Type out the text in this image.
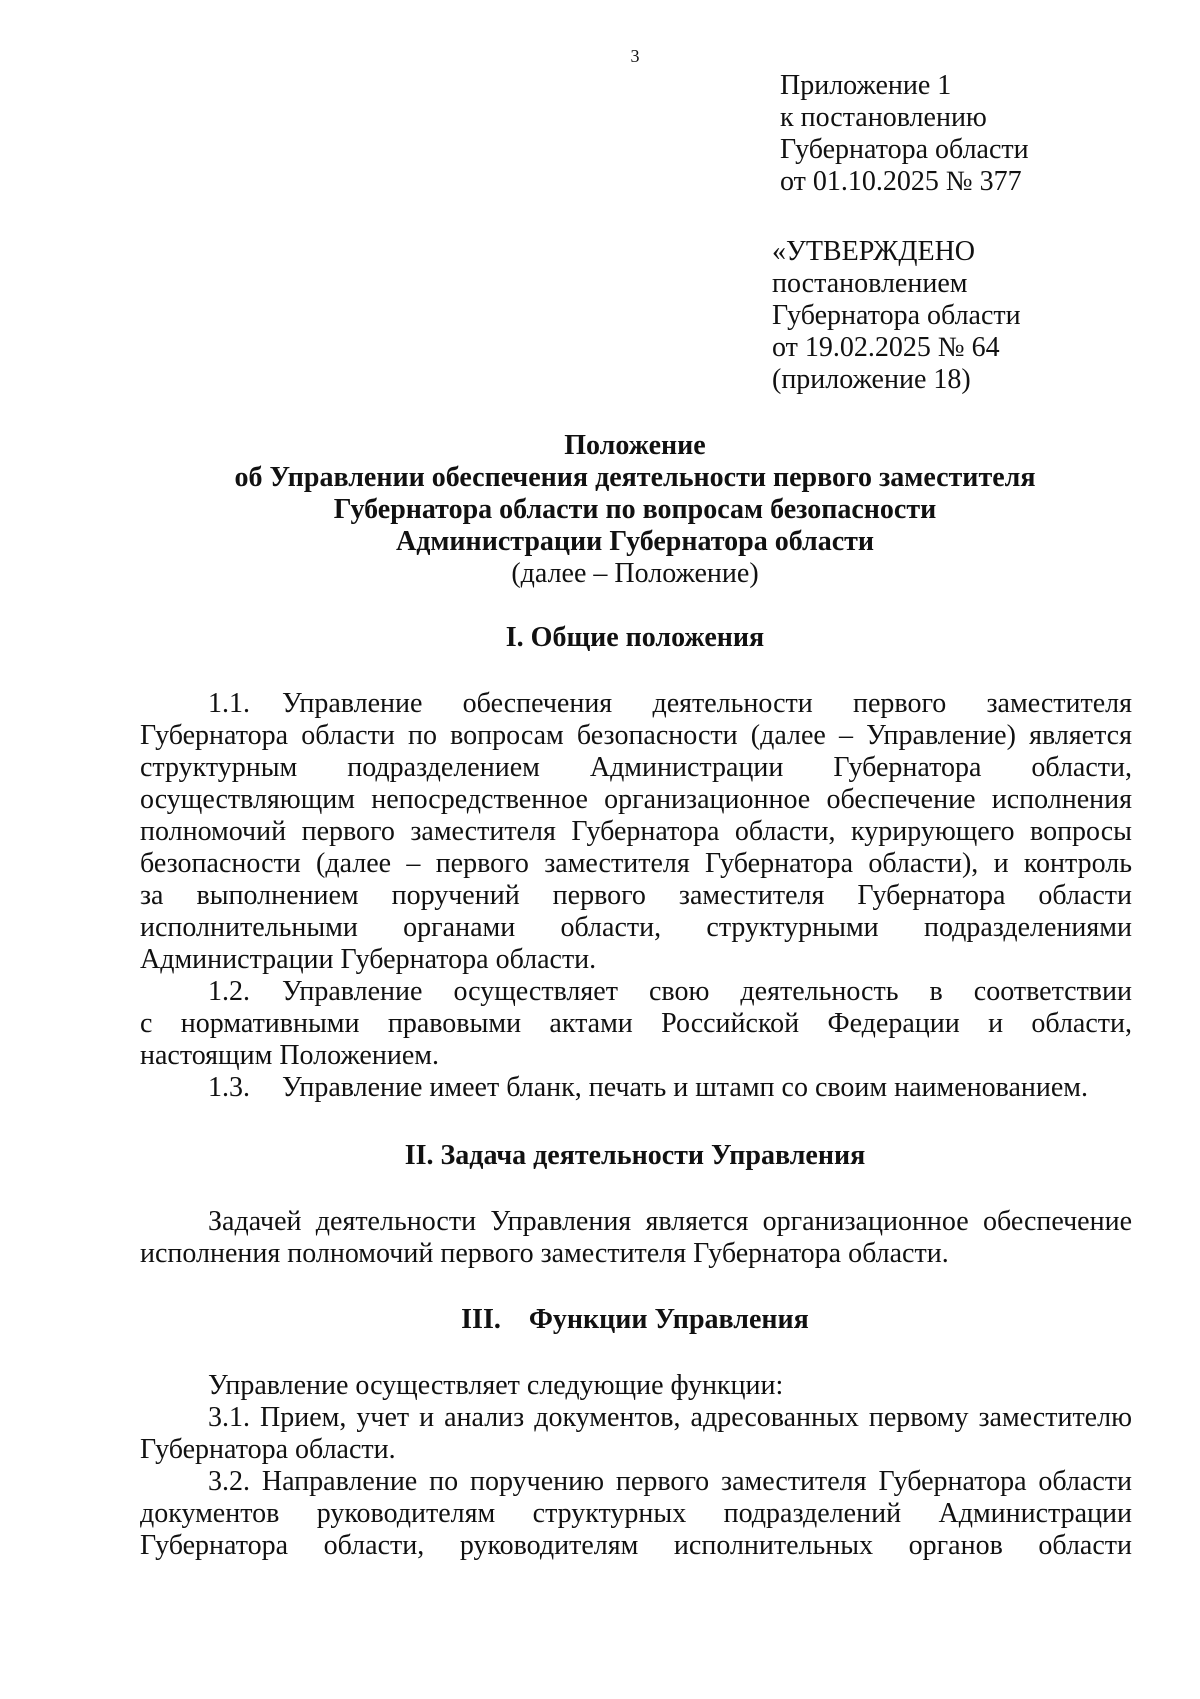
3
Приложение 1
к постановлению
Губернатора области
от 01.10.2025 № 377
«УТВЕРЖДЕНО
постановлением
Губернатора области
от 19.02.2025 № 64
(приложение 18)
Положение
об Управлении обеспечения деятельности первого заместителя
Губернатора области по вопросам безопасности
Администрации Губернатора области
(далее – Положение)
I. Общие положения
1.1. Управление обеспечения деятельности первого заместителя
Губернатора области по вопросам безопасности (далее – Управление) является
структурным подразделением Администрации Губернатора области,
осуществляющим непосредственное организационное обеспечение исполнения
полномочий первого заместителя Губернатора области, курирующего вопросы
безопасности (далее – первого заместителя Губернатора области), и контроль
за выполнением поручений первого заместителя Губернатора области
исполнительными органами области, структурными подразделениями
Администрации Губернатора области.
1.2. Управление осуществляет свою деятельность в соответствии
с нормативными правовыми актами Российской Федерации и области,
настоящим Положением.
1.3. Управление имеет бланк, печать и штамп со своим наименованием.
II. Задача деятельности Управления
Задачей деятельности Управления является организационное обеспечение
исполнения полномочий первого заместителя Губернатора области.
III.    Функции Управления
Управление осуществляет следующие функции:
3.1. Прием, учет и анализ документов, адресованных первому заместителю
Губернатора области.
3.2. Направление по поручению первого заместителя Губернатора области
документов руководителям структурных подразделений Администрации
Губернатора области, руководителям исполнительных органов области
